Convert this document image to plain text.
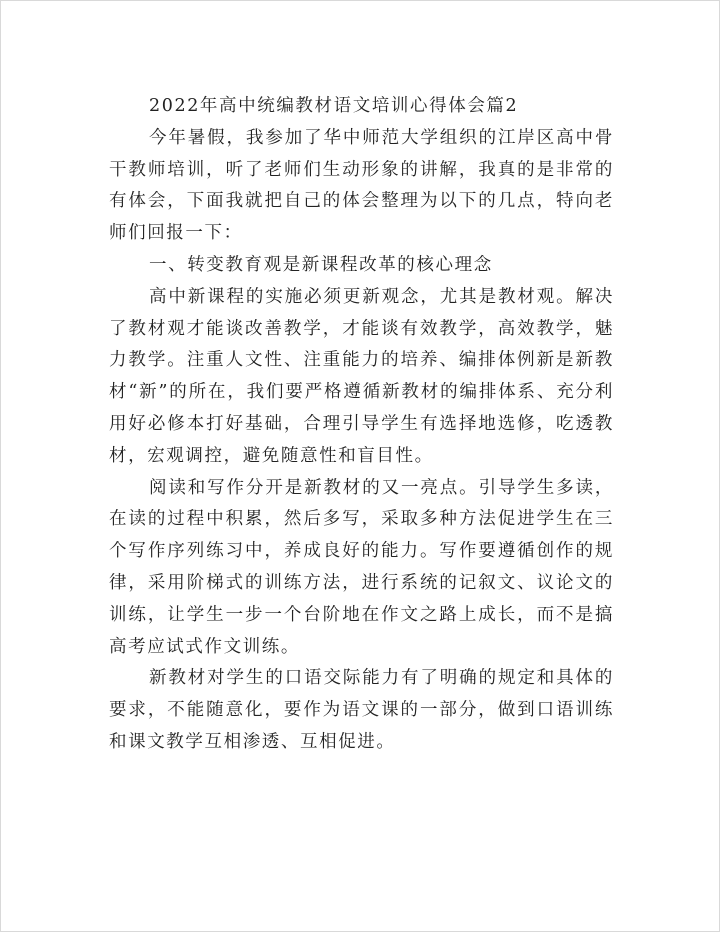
2022年高中统编教材语文培训心得体会篇2

今年暑假，我参加了华中师范大学组织的江岸区高中骨干教师培训，听了老师们生动形象的讲解，我真的是非常的有体会，下面我就把自己的体会整理为以下的几点，特向老师们回报一下：

一、转变教育观是新课程改革的核心理念

高中新课程的实施必须更新观念，尤其是教材观。解决了教材观才能谈改善教学，才能谈有效教学，高效教学，魅力教学。注重人文性、注重能力的培养、编排体例新是新教材“新”的所在，我们要严格遵循新教材的编排体系、充分利用好必修本打好基础，合理引导学生有选择地选修，吃透教材，宏观调控，避免随意性和盲目性。

阅读和写作分开是新教材的又一亮点。引导学生多读，在读的过程中积累，然后多写，采取多种方法促进学生在三个写作序列练习中，养成良好的能力。写作要遵循创作的规律，采用阶梯式的训练方法，进行系统的记叙文、议论文的训练，让学生一步一个台阶地在作文之路上成长，而不是搞高考应试式作文训练。

新教材对学生的口语交际能力有了明确的规定和具体的要求，不能随意化，要作为语文课的一部分，做到口语训练和课文教学互相渗透、互相促进。
